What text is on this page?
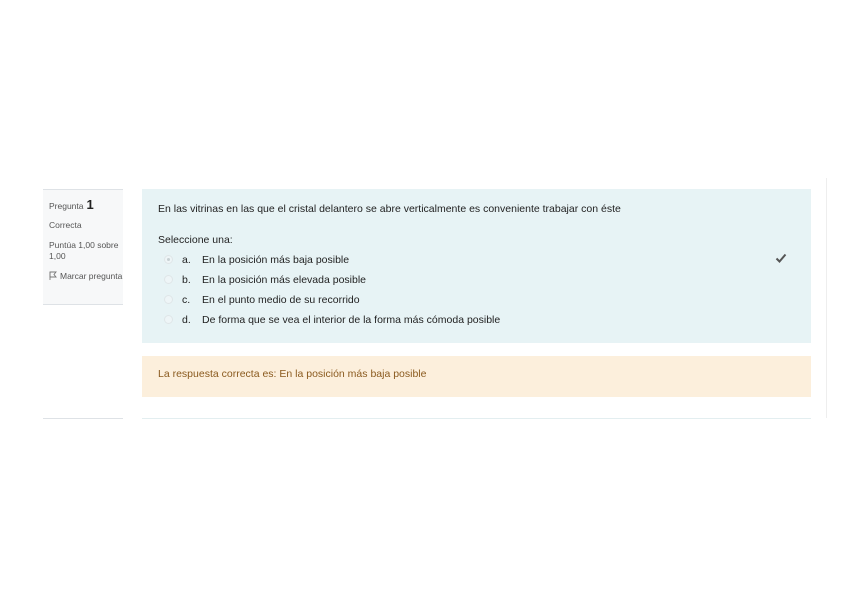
Pregunta 1
Correcta
Puntúa 1,00 sobre 1,00
Marcar pregunta
En las vitrinas en las que el cristal delantero se abre verticalmente es conveniente trabajar con éste
Seleccione una:
a.	En la posición más baja posible
b.	En la posición más elevada posible
c.	En el punto medio de su recorrido
d.	De forma que se vea el interior de la forma más cómoda posible
La respuesta correcta es: En la posición más baja posible
